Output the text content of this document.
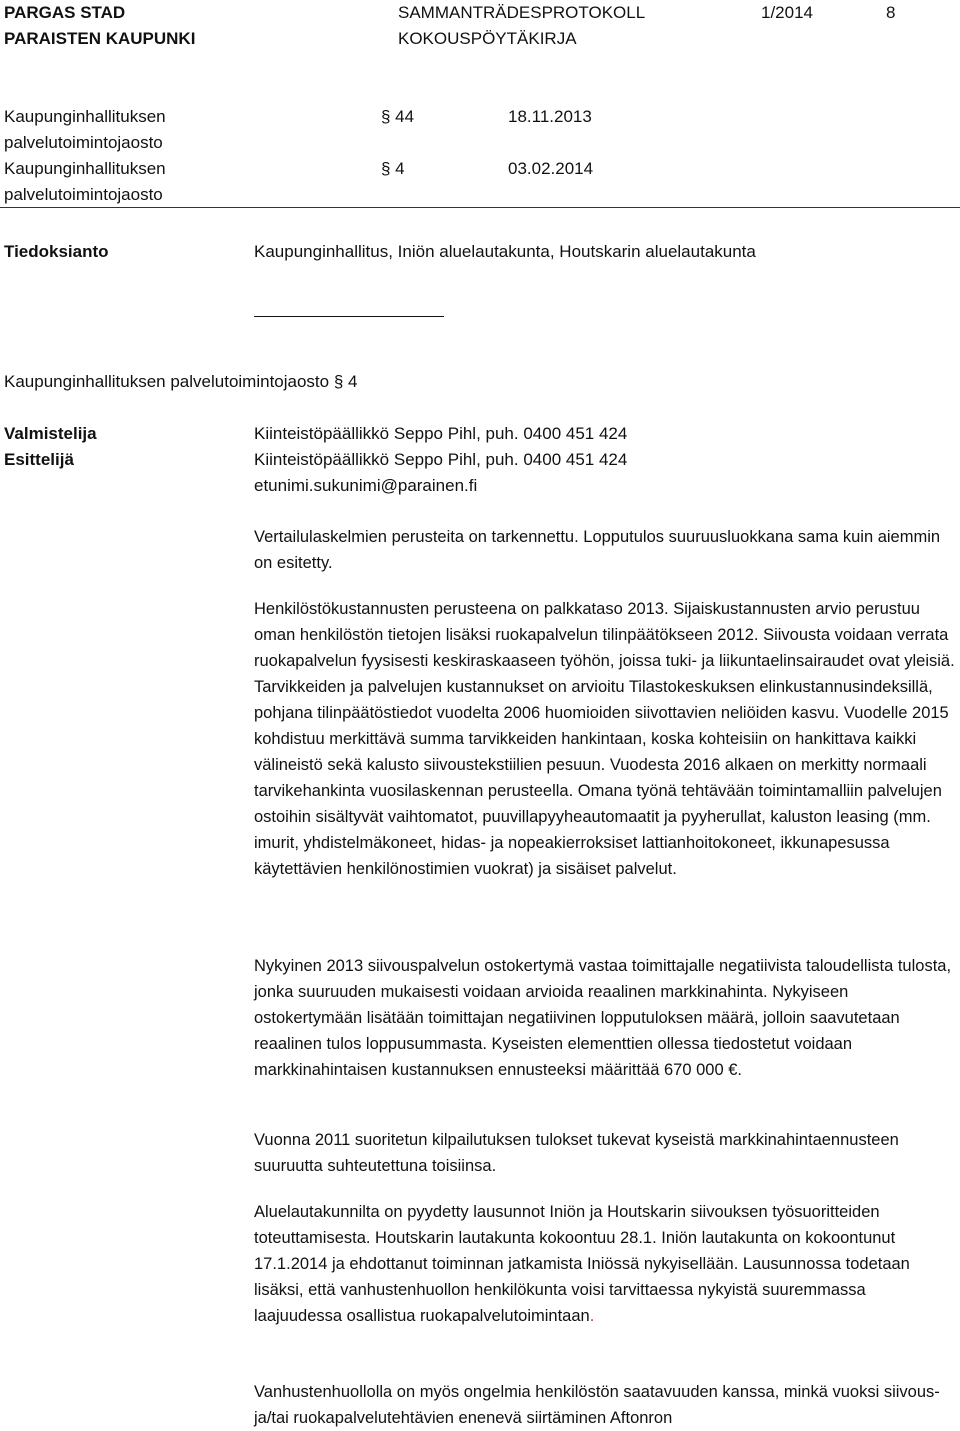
PARGAS STAD
PARAISTEN KAUPUNKI
SAMMANTRÄDESPROTOKOLL
KOKOUSPÖYTÄKIRJA
1/2014	8
Kaupunginhallituksen
palvelutoimintojaosto
§ 44	18.11.2013
Kaupunginhallituksen
palvelutoimintojaosto
§ 4	03.02.2014
Tiedoksianto	Kaupunginhallitus, Iniön aluelautakunta, Houtskarin aluelautakunta
Kaupunginhallituksen palvelutoimintojaosto § 4
Valmistelija	Kiinteistöpäällikkö Seppo Pihl, puh. 0400 451 424
Esittelijä	Kiinteistöpäällikkö Seppo Pihl, puh. 0400 451 424
etunimi.sukunimi@parainen.fi

Vertailulaskelmien perusteita on tarkennettu. Lopputulos suuruusluokkana sama kuin aiemmin on esitetty.

Henkilöstökustannusten perusteena on palkkataso 2013. Sijaiskustannusten arvio perustuu oman henkilöstön tietojen lisäksi ruokapalvelun tilinpäätökseen 2012. Siivousta voidaan verrata ruokapalvelun fyysisesti keskiraskaaseen työhön, joissa tuki- ja liikuntaelinsairaudet ovat yleisiä. Tarvikkeiden ja palvelujen kustannukset on arvioitu Tilastokeskuksen elinkustannusindeksillä, pohjana tilinpäätöstiedot vuodelta 2006 huomioiden siivottavien neliöiden kasvu. Vuodelle 2015 kohdistuu merkittävä summa tarvikkeiden hankintaan, koska kohteisiin on hankittava kaikki välineistö sekä kalusto siivoustekstiilien pesuun. Vuodesta 2016 alkaen on merkitty normaali tarvikehankinta vuosilaskennan perusteella. Omana työnä tehtävään toimintamalliin palvelujen ostoihin sisältyvät vaihtomatot, puuvillapyyheautomaatit ja pyyherullat, kaluston leasing (mm. imurit, yhdistelmäkoneet, hidas- ja nopeakierroksiset lattianhoitokoneet, ikkunapesussa käytettävien henkilönostimien vuokrat) ja sisäiset palvelut.

Nykyinen 2013 siivouspalvelun ostokertymä vastaa toimittajalle negatiivista taloudellista tulosta, jonka suuruuden mukaisesti voidaan arvioida reaalinen markkinahinta. Nykyiseen ostokertymään lisätään toimittajan negatiivinen lopputuloksen määrä, jolloin saavutetaan reaalinen tulos loppusummasta. Kyseisten elementtien ollessa tiedostetut voidaan markkinahintaisen kustannuksen ennusteeksi määrittää 670 000 €.

Vuonna 2011 suoritetun kilpailutuksen tulokset tukevat kyseistä markkinahintaennusteen suuruutta suhteutettuna toisiinsa.

Aluelautakunnilta on pyydetty lausunnot Iniön ja Houtskarin siivouksen työsuoritteiden toteuttamisesta. Houtskarin lautakunta kokoontuu 28.1. Iniön lautakunta on kokoontunut 17.1.2014 ja ehdottanut toiminnan jatkamista Iniössä nykyisellään. Lausunnossa todetaan lisäksi, että vanhustenhuollon henkilökunta voisi tarvittaessa nykyistä suuremmassa laajuudessa osallistua ruokapalvelutoimintaan.

Vanhustenhuollolla on myös ongelmia henkilöstön saatavuuden kanssa, minkä vuoksi siivous- ja/tai ruokapalvelutehtävien enenevä siirtäminen Aftonron
